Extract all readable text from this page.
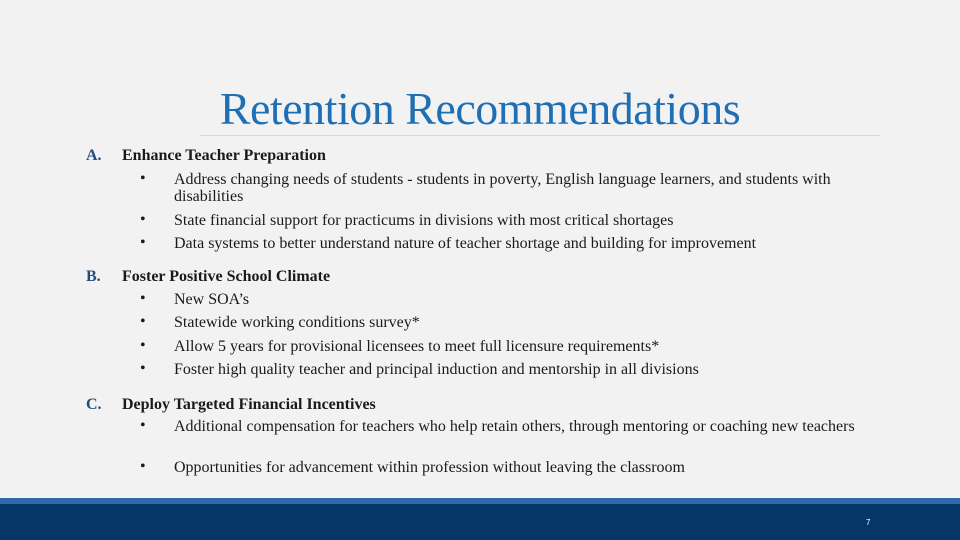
Retention Recommendations
A. Enhance Teacher Preparation
• Address changing needs of students - students in poverty, English language learners, and students with disabilities
• State financial support for practicums in divisions with most critical shortages
• Data systems to better understand nature of teacher shortage and building for improvement
B. Foster Positive School Climate
• New SOA’s
• Statewide working conditions survey*
• Allow 5 years for provisional licensees to meet full licensure requirements*
• Foster high quality teacher and principal induction and mentorship in all divisions
C. Deploy Targeted Financial Incentives
• Additional compensation for teachers who help retain others, through mentoring or coaching new teachers
• Opportunities for advancement within profession without leaving the classroom
7
